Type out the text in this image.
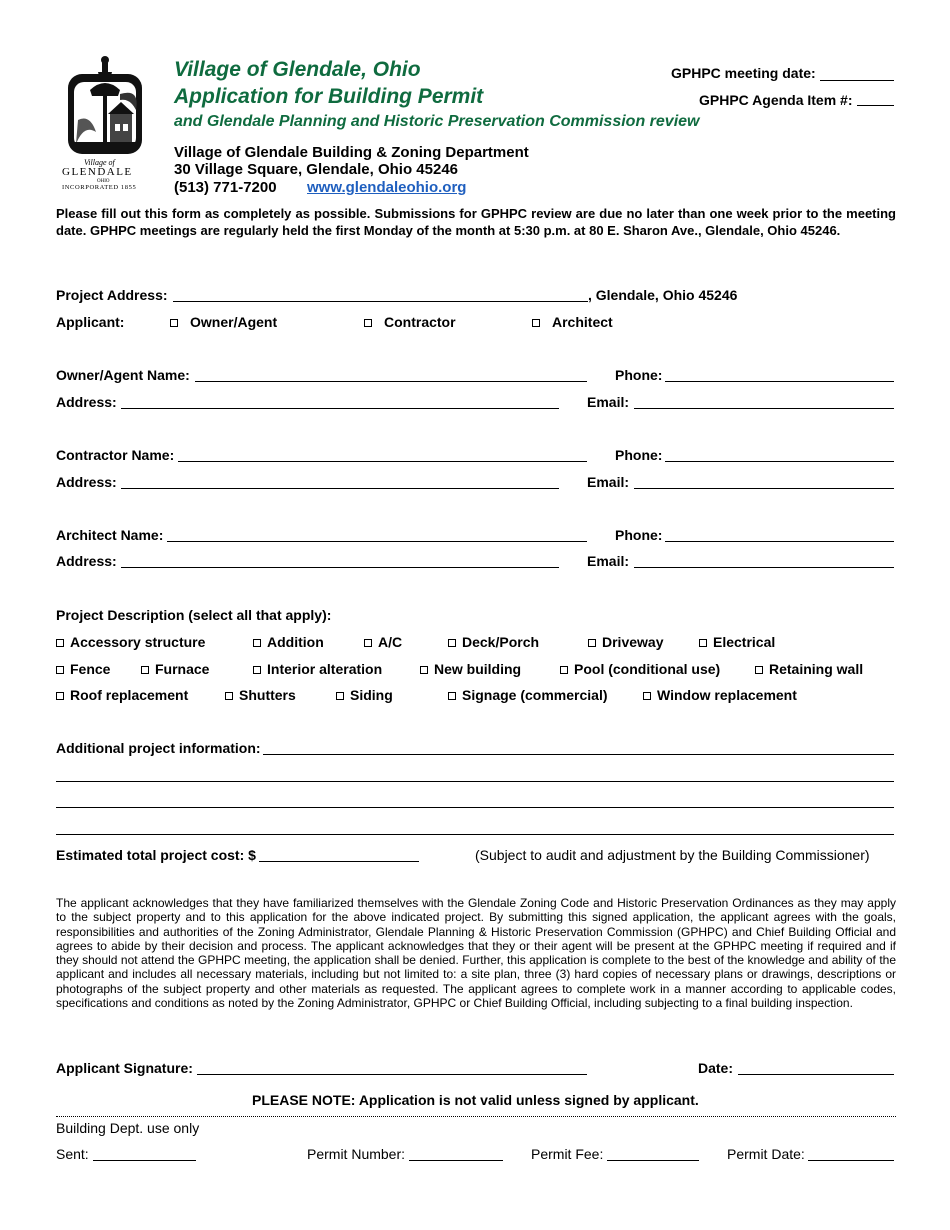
Village of
GLENDALE
OHIO
INCORPORATED 1855
Village of Glendale, Ohio
Application for Building Permit
and Glendale Planning and Historic Preservation Commission review
GPHPC meeting date:
GPHPC Agenda Item #:
Village of Glendale Building & Zoning Department
30 Village Square, Glendale, Ohio 45246
(513) 771-7200 www.glendaleohio.org
Please fill out this form as completely as possible. Submissions for GPHPC review are due no later than one week prior to the meeting date. GPHPC meetings are regularly held the first Monday of the month at 5:30 p.m. at 80 E. Sharon Ave., Glendale, Ohio 45246.
Project Address:	, Glendale, Ohio 45246
Applicant:	Owner/Agent	Contractor	Architect
Owner/Agent Name:	Phone:
Address:	Email:
Contractor Name:	Phone:
Address:	Email:
Architect Name:	Phone:
Address:	Email:
Project Description (select all that apply):
Accessory structure	Addition	A/C	Deck/Porch	Driveway	Electrical
Fence	Furnace	Interior alteration	New building	Pool (conditional use)	Retaining wall
Roof replacement	Shutters	Siding	Signage (commercial)	Window replacement
Additional project information:
Estimated total project cost: $	(Subject to audit and adjustment by the Building Commissioner)
The applicant acknowledges that they have familiarized themselves with the Glendale Zoning Code and Historic Preservation Ordinances as they may apply to the subject property and to this application for the above indicated project. By submitting this signed application, the applicant agrees with the goals, responsibilities and authorities of the Zoning Administrator, Glendale Planning & Historic Preservation Commission (GPHPC) and Chief Building Official and agrees to abide by their decision and process. The applicant acknowledges that they or their agent will be present at the GPHPC meeting if required and if they should not attend the GPHPC meeting, the application shall be denied. Further, this application is complete to the best of the knowledge and ability of the applicant and includes all necessary materials, including but not limited to: a site plan, three (3) hard copies of necessary plans or drawings, descriptions or photographs of the subject property and other materials as requested. The applicant agrees to complete work in a manner according to applicable codes, specifications and conditions as noted by the Zoning Administrator, GPHPC or Chief Building Official, including subjecting to a final building inspection.
Applicant Signature:	Date:
PLEASE NOTE: Application is not valid unless signed by applicant.
Building Dept. use only
Sent:	Permit Number:	Permit Fee:	Permit Date:
